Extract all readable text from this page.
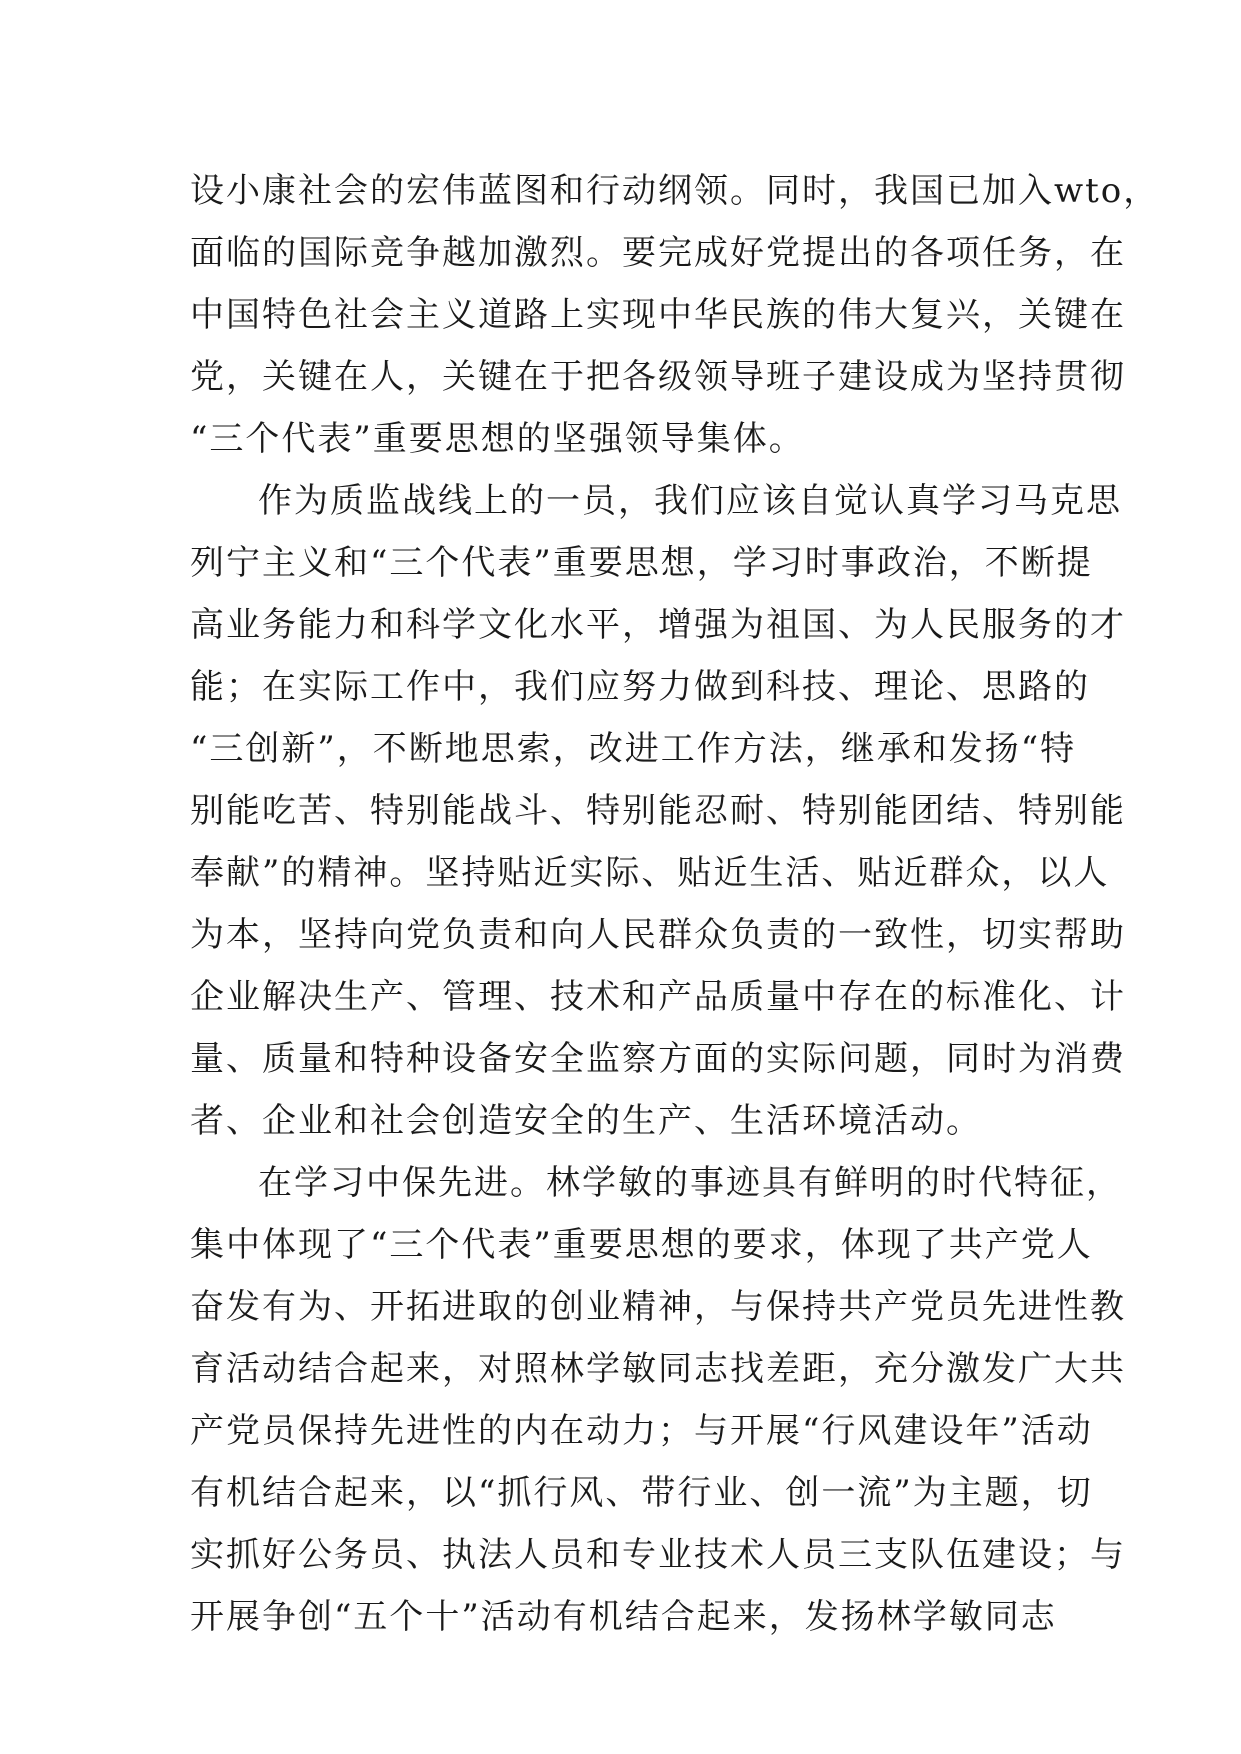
设小康社会的宏伟蓝图和行动纲领。同时，我国已加入wto，
面临的国际竞争越加激烈。要完成好党提出的各项任务，在
中国特色社会主义道路上实现中华民族的伟大复兴，关键在
党，关键在人，关键在于把各级领导班子建设成为坚持贯彻
“三个代表”重要思想的坚强领导集体。
作为质监战线上的一员，我们应该自觉认真学习马克思
列宁主义和“三个代表”重要思想，学习时事政治，不断提
高业务能力和科学文化水平，增强为祖国、为人民服务的才
能；在实际工作中，我们应努力做到科技、理论、思路的
“三创新”，不断地思索，改进工作方法，继承和发扬“特
别能吃苦、特别能战斗、特别能忍耐、特别能团结、特别能
奉献”的精神。坚持贴近实际、贴近生活、贴近群众，以人
为本，坚持向党负责和向人民群众负责的一致性，切实帮助
企业解决生产、管理、技术和产品质量中存在的标准化、计
量、质量和特种设备安全监察方面的实际问题，同时为消费
者、企业和社会创造安全的生产、生活环境活动。
在学习中保先进。林学敏的事迹具有鲜明的时代特征，
集中体现了“三个代表”重要思想的要求，体现了共产党人
奋发有为、开拓进取的创业精神，与保持共产党员先进性教
育活动结合起来，对照林学敏同志找差距，充分激发广大共
产党员保持先进性的内在动力；与开展“行风建设年”活动
有机结合起来，以“抓行风、带行业、创一流”为主题，切
实抓好公务员、执法人员和专业技术人员三支队伍建设；与
开展争创“五个十”活动有机结合起来，发扬林学敏同志
